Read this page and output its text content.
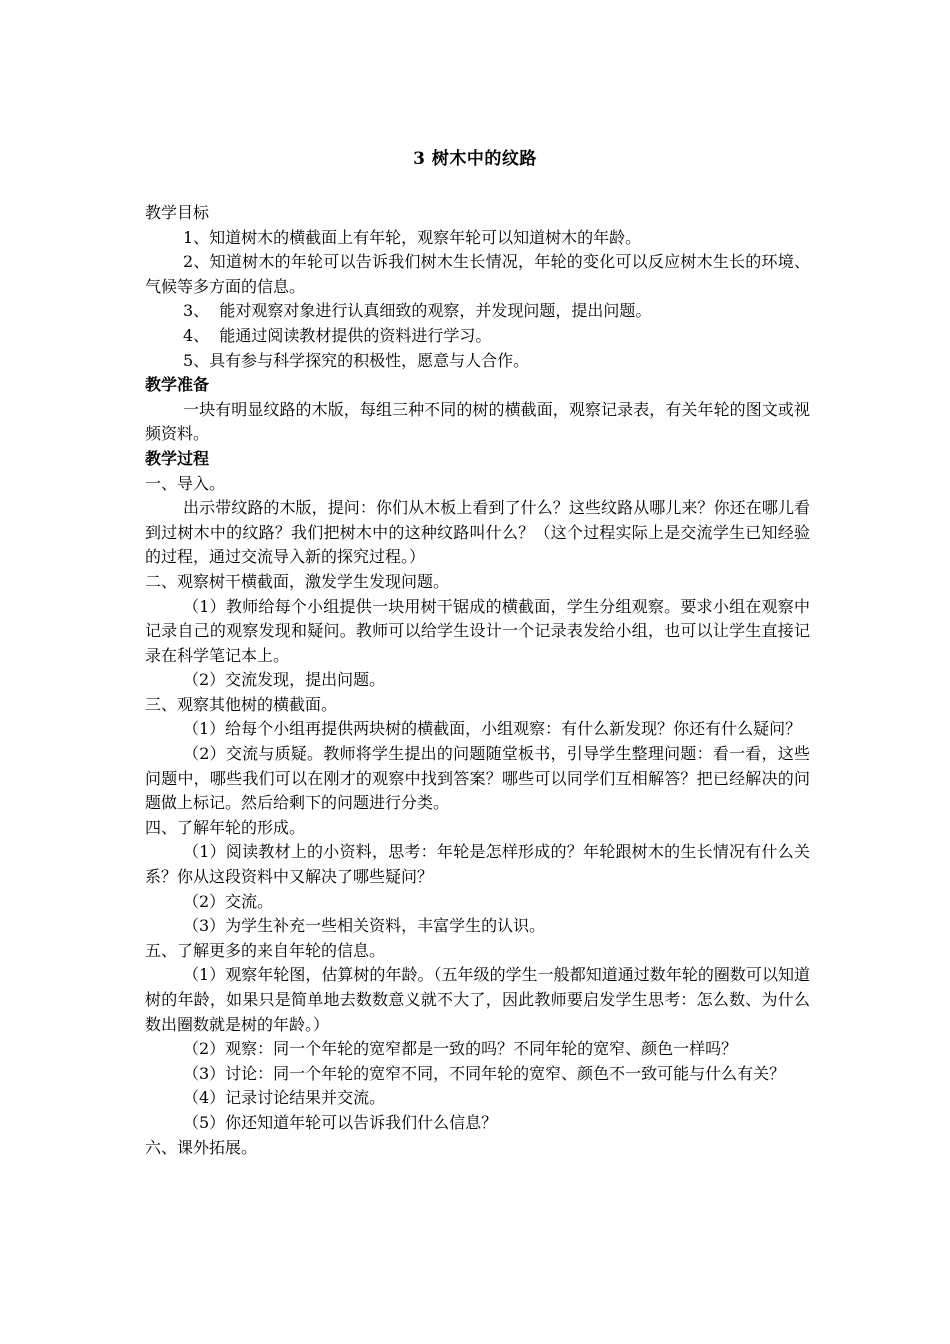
3 树木中的纹路

教学目标

1、知道树木的横截面上有年轮，观察年轮可以知道树木的年龄。

2、知道树木的年轮可以告诉我们树木生长情况，年轮的变化可以反应树木生长的环境、气候等多方面的信息。

3、  能对观察对象进行认真细致的观察，并发现问题，提出问题。

4、  能通过阅读教材提供的资料进行学习。

5、具有参与科学探究的积极性，愿意与人合作。

教学准备

一块有明显纹路的木版，每组三种不同的树的横截面，观察记录表，有关年轮的图文或视频资料。

教学过程

一、导入。

出示带纹路的木版，提问：你们从木板上看到了什么？这些纹路从哪儿来？你还在哪儿看到过树木中的纹路？我们把树木中的这种纹路叫什么？（这个过程实际上是交流学生已知经验的过程，通过交流导入新的探究过程。）

二、观察树干横截面，激发学生发现问题。

（1）教师给每个小组提供一块用树干锯成的横截面，学生分组观察。要求小组在观察中记录自己的观察发现和疑问。教师可以给学生设计一个记录表发给小组，也可以让学生直接记录在科学笔记本上。

（2）交流发现，提出问题。

三、观察其他树的横截面。

（1）给每个小组再提供两块树的横截面，小组观察：有什么新发现？你还有什么疑问？

（2）交流与质疑。教师将学生提出的问题随堂板书，引导学生整理问题：看一看，这些问题中，哪些我们可以在刚才的观察中找到答案？哪些可以同学们互相解答？把已经解决的问题做上标记。然后给剩下的问题进行分类。

四、了解年轮的形成。

（1）阅读教材上的小资料，思考：年轮是怎样形成的？年轮跟树木的生长情况有什么关系？你从这段资料中又解决了哪些疑问？

（2）交流。

（3）为学生补充一些相关资料，丰富学生的认识。

五、了解更多的来自年轮的信息。

（1）观察年轮图，估算树的年龄。（五年级的学生一般都知道通过数年轮的圈数可以知道树的年龄，如果只是简单地去数数意义就不大了，因此教师要启发学生思考：怎么数、为什么数出圈数就是树的年龄。）

（2）观察：同一个年轮的宽窄都是一致的吗？不同年轮的宽窄、颜色一样吗？

（3）讨论：同一个年轮的宽窄不同，不同年轮的宽窄、颜色不一致可能与什么有关？

（4）记录讨论结果并交流。

（5）你还知道年轮可以告诉我们什么信息？

六、课外拓展。
